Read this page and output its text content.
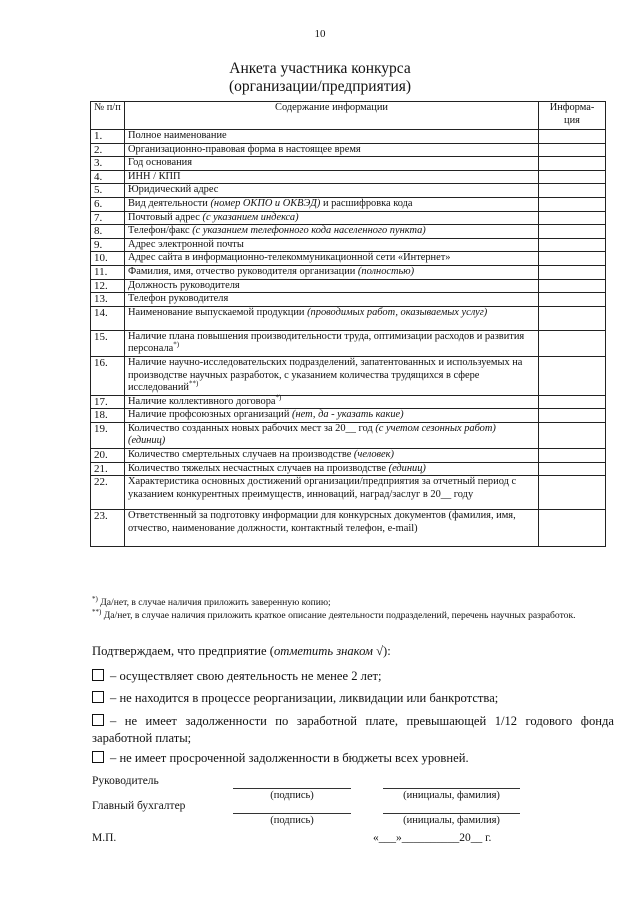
10
Анкета участника конкурса
(организации/предприятия)
№ п/п	Содержание информации	Информа-ция
1.	Полное наименование	
2.	Организационно-правовая форма в настоящее время	
3.	Год основания	
4.	ИНН / КПП	
5.	Юридический адрес	
6.	Вид деятельности (номер ОКПО и ОКВЭД) и расшифровка кода	
7.	Почтовый адрес (с указанием индекса)	
8.	Телефон/факс (с указанием телефонного кода населенного пункта)	
9.	Адрес электронной почты	
10.	Адрес сайта в информационно-телекоммуникационной сети «Интернет»	
11.	Фамилия, имя, отчество руководителя организации (полностью)	
12.	Должность руководителя	
13.	Телефон руководителя	
14.	Наименование выпускаемой продукции (проводимых работ, оказываемых услуг)	
15.	Наличие плана повышения производительности труда, оптимизации расходов и развития персонала*)	
16.	Наличие научно-исследовательских подразделений, запатентованных и используемых на производстве научных разработок, с указанием количества трудящихся в сфере исследований**)	
17.	Наличие коллективного договора*)	
18.	Наличие профсоюзных организаций (нет, да - указать какие)	
19.	Количество созданных новых рабочих мест за 20__ год (с учетом сезонных работ) (единиц)	
20.	Количество смертельных случаев на производстве (человек)	
21.	Количество тяжелых несчастных случаев на производстве (единиц)	
22.	Характеристика основных достижений организации/предприятия за отчетный период с указанием конкурентных преимуществ, инноваций, наград/заслуг в 20__ году	
23.	Ответственный за подготовку информации для конкурсных документов (фамилия, имя, отчество, наименование должности, контактный телефон, e-mail)	
*) Да/нет, в случае наличия приложить заверенную копию;
**) Да/нет, в случае наличия приложить краткое описание деятельности подразделений, перечень научных разработок.
Подтверждаем, что предприятие (отметить знаком √):
– осуществляет свою деятельность не менее 2 лет;
– не находится в процессе реорганизации, ликвидации или банкротства;
– не имеет задолженности по заработной плате, превышающей 1/12 годового фонда заработной платы;
– не имеет просроченной задолженности в бюджеты всех уровней.
Руководитель
(подпись)	(инициалы, фамилия)
Главный бухгалтер
(подпись)	(инициалы, фамилия)
М.П.	«___»__________20__ г.
